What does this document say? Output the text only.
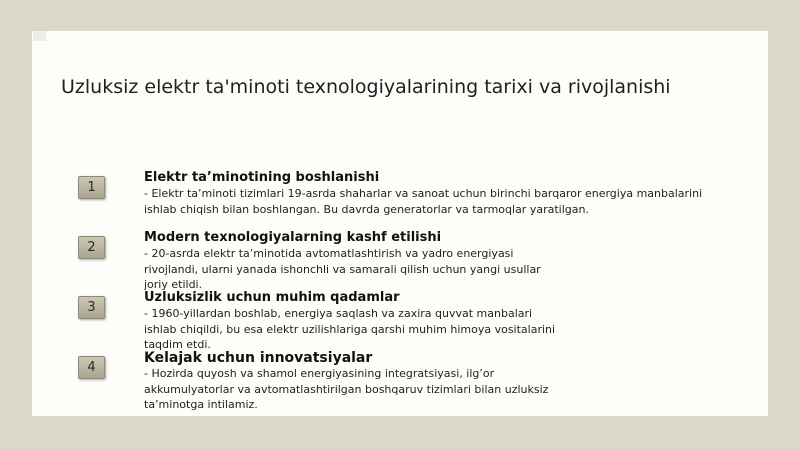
Uzluksiz elektr ta'minoti texnologiyalarining tarixi va rivojlanishi
1
Elektr ta’minotining boshlanishi
- Elektr ta’minoti tizimlari 19-asrda shaharlar va sanoat uchun birinchi barqaror energiya manbalarini
ishlab chiqish bilan boshlangan. Bu davrda generatorlar va tarmoqlar yaratilgan.
2
Modern texnologiyalarning kashf etilishi
- 20-asrda elektr ta’minotida avtomatlashtirish va yadro energiyasi
rivojlandi, ularni yanada ishonchli va samarali qilish uchun yangi usullar
joriy etildi.
3
Uzluksizlik uchun muhim qadamlar
- 1960-yillardan boshlab, energiya saqlash va zaxira quvvat manbalari
ishlab chiqildi, bu esa elektr uzilishlariga qarshi muhim himoya vositalarini
taqdim etdi.
4
Kelajak uchun innovatsiyalar
- Hozirda quyosh va shamol energiyasining integratsiyasi, ilg’or
akkumulyatorlar va avtomatlashtirilgan boshqaruv tizimlari bilan uzluksiz
ta’minotga intilamiz.
